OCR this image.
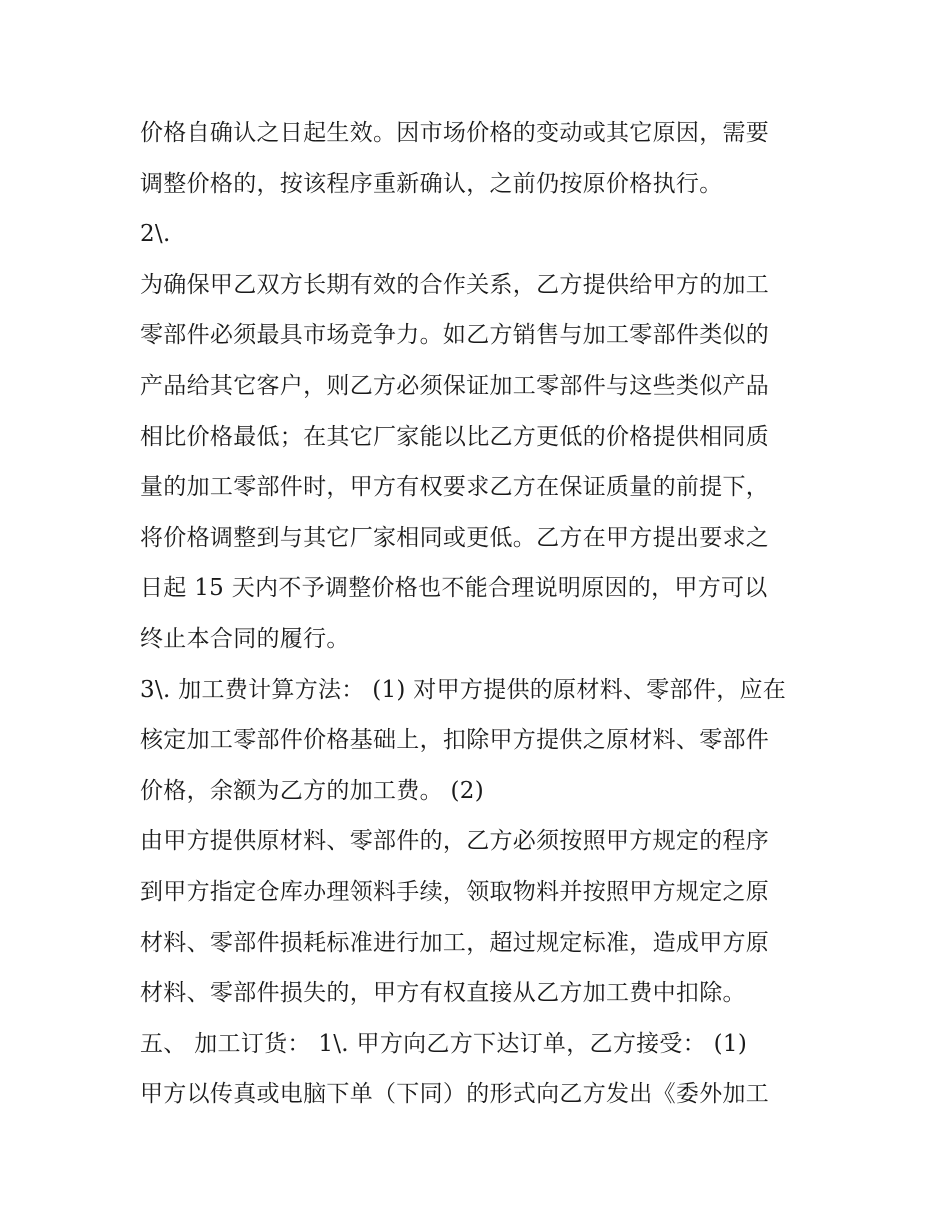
价格自确认之日起生效。因市场价格的变动或其它原因，需要
调整价格的，按该程序重新确认，之前仍按原价格执行。
2\.
为确保甲乙双方长期有效的合作关系，乙方提供给甲方的加工
零部件必须最具市场竞争力。如乙方销售与加工零部件类似的
产品给其它客户，则乙方必须保证加工零部件与这些类似产品
相比价格最低；在其它厂家能以比乙方更低的价格提供相同质
量的加工零部件时，甲方有权要求乙方在保证质量的前提下，
将价格调整到与其它厂家相同或更低。乙方在甲方提出要求之
日起 15 天内不予调整价格也不能合理说明原因的，甲方可以
终止本合同的履行。
3\. 加工费计算方法： (1) 对甲方提供的原材料、零部件，应在
核定加工零部件价格基础上，扣除甲方提供之原材料、零部件
价格，余额为乙方的加工费。 (2)
由甲方提供原材料、零部件的，乙方必须按照甲方规定的程序
到甲方指定仓库办理领料手续，领取物料并按照甲方规定之原
材料、零部件损耗标准进行加工，超过规定标准，造成甲方原
材料、零部件损失的，甲方有权直接从乙方加工费中扣除。
五、 加工订货： 1\. 甲方向乙方下达订单，乙方接受： (1)
甲方以传真或电脑下单（下同）的形式向乙方发出《委外加工
